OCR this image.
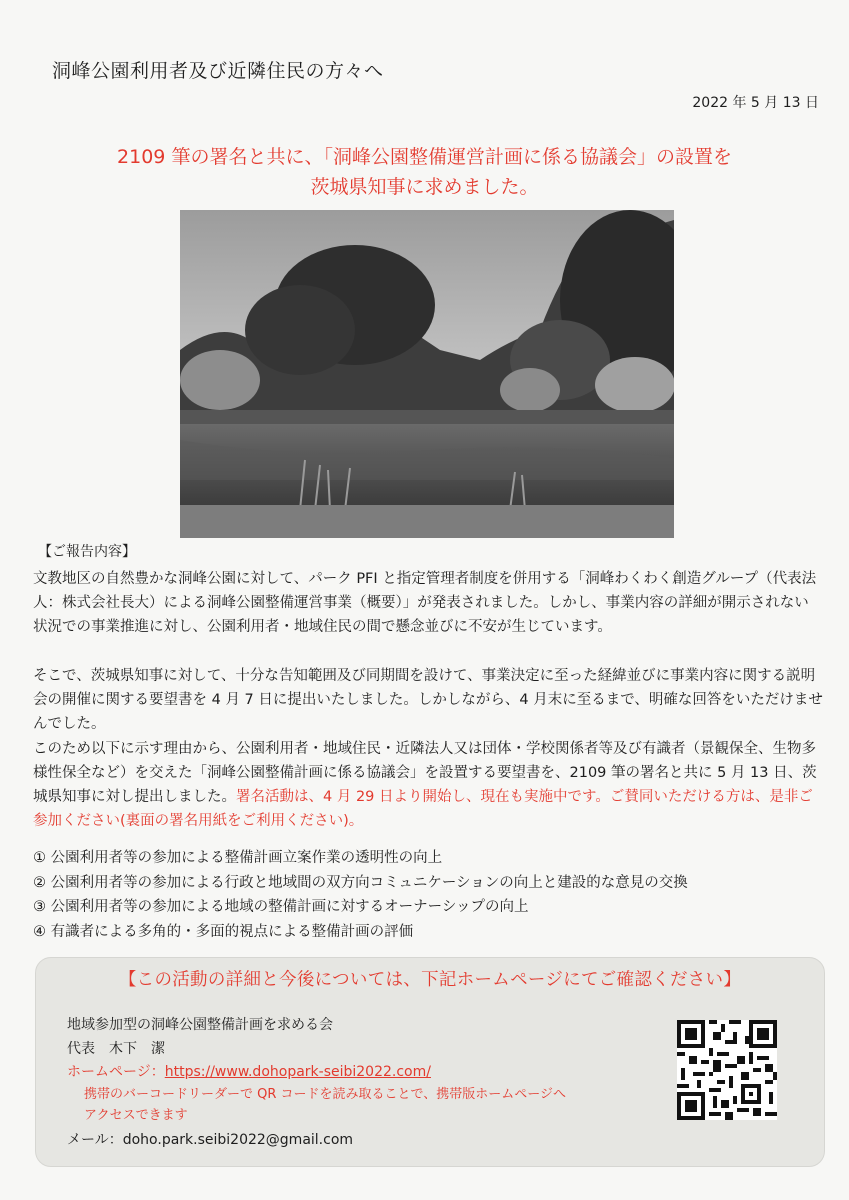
洞峰公園利用者及び近隣住民の方々へ
2022 年 5 月 13 日
2109 筆の署名と共に、「洞峰公園整備運営計画に係る協議会」の設置を
茨城県知事に求めました。
【ご報告内容】

文教地区の自然豊かな洞峰公園に対して、パーク PFI と指定管理者制度を併用する「洞峰わくわく創造グループ（代表法人：株式会社長大）による洞峰公園整備運営事業（概要）」が発表されました。しかし、事業内容の詳細が開示されない状況での事業推進に対し、公園利用者・地域住民の間で懸念並びに不安が生じています。

そこで、茨城県知事に対して、十分な告知範囲及び同期間を設けて、事業決定に至った経緯並びに事業内容に関する説明会の開催に関する要望書を 4 月 7 日に提出いたしました。しかしながら、4 月末に至るまで、明確な回答をいただけませんでした。

このため以下に示す理由から、公園利用者・地域住民・近隣法人又は団体・学校関係者等及び有識者（景観保全、生物多様性保全など）を交えた「洞峰公園整備計画に係る協議会」を設置する要望書を、2109 筆の署名と共に 5 月 13 日、茨城県知事に対し提出しました。署名活動は、4 月 29 日より開始し、現在も実施中です。ご賛同いただける方は、是非ご参加ください(裏面の署名用紙をご利用ください)。

① 公園利用者等の参加による整備計画立案作業の透明性の向上
② 公園利用者等の参加による行政と地域間の双方向コミュニケーションの向上と建設的な意見の交換
③ 公園利用者等の参加による地域の整備計画に対するオーナーシップの向上
④ 有識者による多角的・多面的視点による整備計画の評価
【この活動の詳細と今後については、下記ホームページにてご確認ください】
地域参加型の洞峰公園整備計画を求める会
代表　木下　潔
ホームページ：https://www.dohopark-seibi2022.com/
携帯のバーコードリーダーで QR コードを読み取ることで、携帯版ホームページへ
アクセスできます
メール：doho.park.seibi2022@gmail.com
